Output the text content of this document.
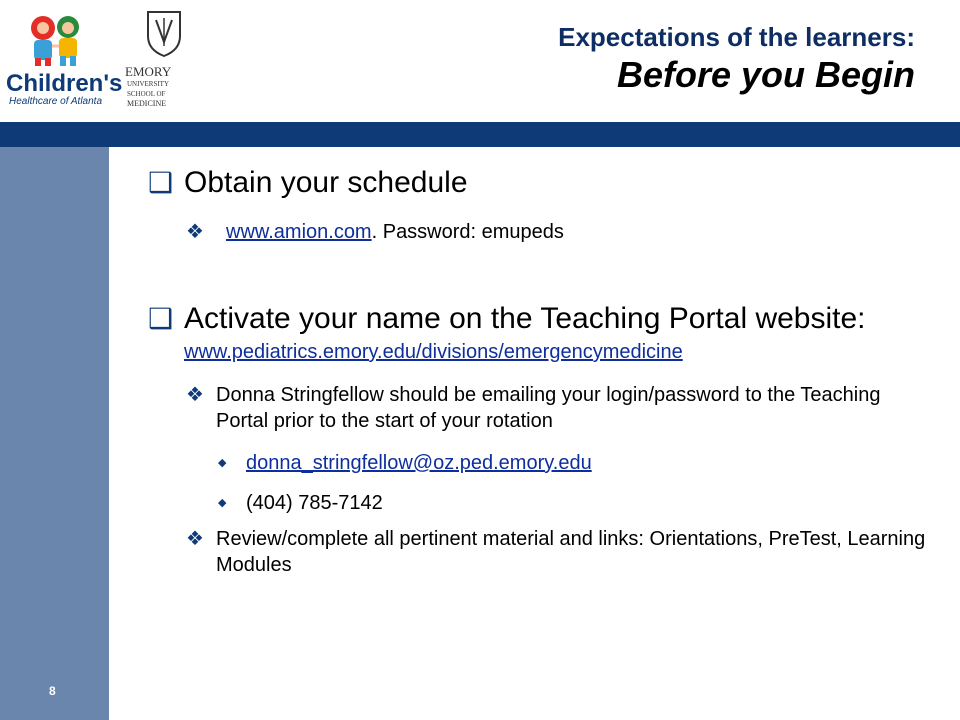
Children's
Healthcare of Atlanta
EMORY
UNIVERSITY
SCHOOL OF
MEDICINE
Expectations of the learners:
Before you Begin
❑ Obtain your schedule
❖	www.amion.com. Password: emupeds
❑ Activate your name on the Teaching Portal website:
www.pediatrics.emory.edu/divisions/emergencymedicine
❖ Donna Stringfellow should be emailing your login/password to the Teaching Portal prior to the start of your rotation
◆ donna_stringfellow@oz.ped.emory.edu
◆ (404) 785-7142
❖ Review/complete all pertinent material and links: Orientations, PreTest, Learning Modules
8
